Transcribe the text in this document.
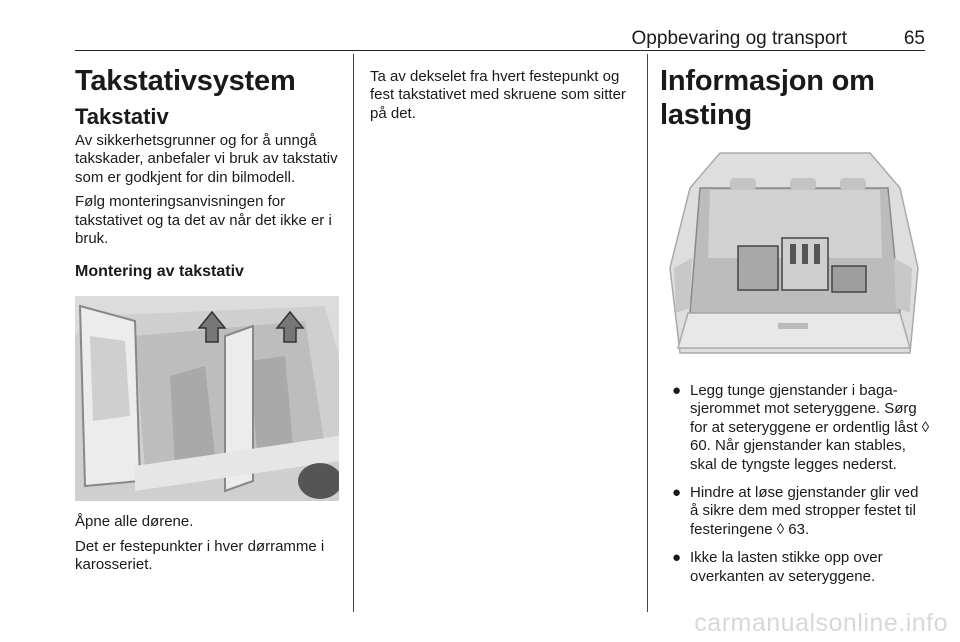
Oppbevaring og transport	65
Takstativsystem
Takstativ

Av sikkerhetsgrunner og for å unngå takskader, anbefaler vi bruk av takstativ som er godkjent for din bilmodell.

Følg monteringsanvisningen for takstativet og ta det av når det ikke er i bruk.

Montering av takstativ

Åpne alle dørene.

Det er festepunkter i hver dørramme i karosseriet.

Ta av dekselet fra hvert festepunkt og fest takstativet med skruene som sitter på det.

Informasjon om lasting
● Legg tunge gjenstander i bagasjerommet mot seteryggene. Sørg for at seteryggene er ordentlig låst ◊ 60. Når gjenstander kan stables, skal de tyngste legges nederst.
● Hindre at løse gjenstander glir ved å sikre dem med stropper festet til festeringene ◊ 63.
● Ikke la lasten stikke opp over overkanten av seteryggene.
carmanualsonline.info
